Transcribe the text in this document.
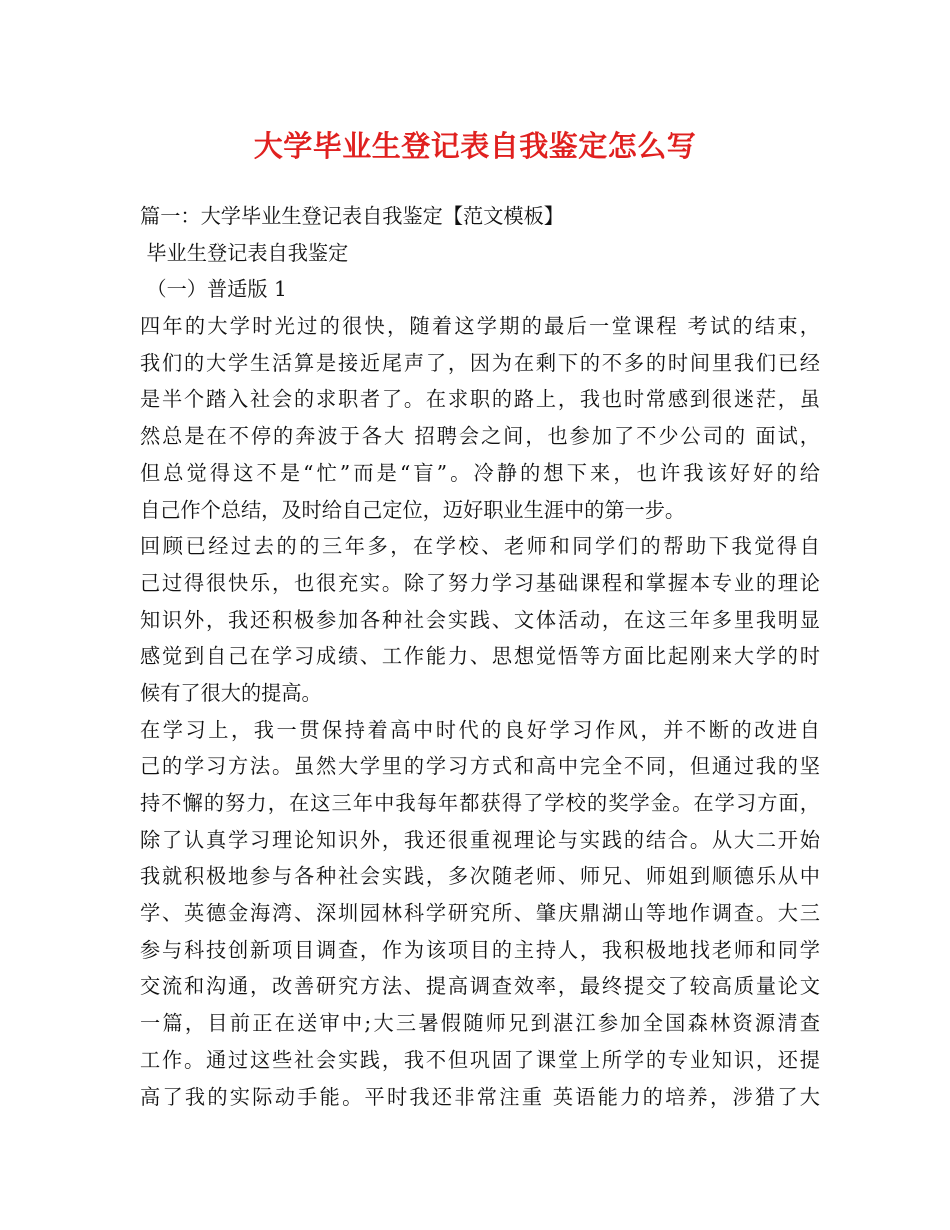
大学毕业生登记表自我鉴定怎么写
篇一：大学毕业生登记表自我鉴定【范文模板】
毕业生登记表自我鉴定
（一）普适版 1
四年的大学时光过的很快，随着这学期的最后一堂课程 考试的结束，
我们的大学生活算是接近尾声了，因为在剩下的不多的时间里我们已经
是半个踏入社会的求职者了。在求职的路上，我也时常感到很迷茫，虽
然总是在不停的奔波于各大 招聘会之间，也参加了不少公司的 面试，
但总觉得这不是“忙”而是“盲”。冷静的想下来，也许我该好好的给
自己作个总结，及时给自己定位，迈好职业生涯中的第一步。
回顾已经过去的的三年多，在学校、老师和同学们的帮助下我觉得自
己过得很快乐，也很充实。除了努力学习基础课程和掌握本专业的理论
知识外，我还积极参加各种社会实践、文体活动，在这三年多里我明显
感觉到自己在学习成绩、工作能力、思想觉悟等方面比起刚来大学的时
候有了很大的提高。
在学习上，我一贯保持着高中时代的良好学习作风，并不断的改进自
己的学习方法。虽然大学里的学习方式和高中完全不同，但通过我的坚
持不懈的努力，在这三年中我每年都获得了学校的奖学金。在学习方面，
除了认真学习理论知识外，我还很重视理论与实践的结合。从大二开始
我就积极地参与各种社会实践，多次随老师、师兄、师姐到顺德乐从中
学、英德金海湾、深圳园林科学研究所、肇庆鼎湖山等地作调查。大三
参与科技创新项目调查，作为该项目的主持人，我积极地找老师和同学
交流和沟通，改善研究方法、提高调查效率，最终提交了较高质量论文
一篇，目前正在送审中;大三暑假随师兄到湛江参加全国森林资源清查
工作。通过这些社会实践，我不但巩固了课堂上所学的专业知识，还提
高了我的实际动手能。平时我还非常注重 英语能力的培养，涉猎了大
